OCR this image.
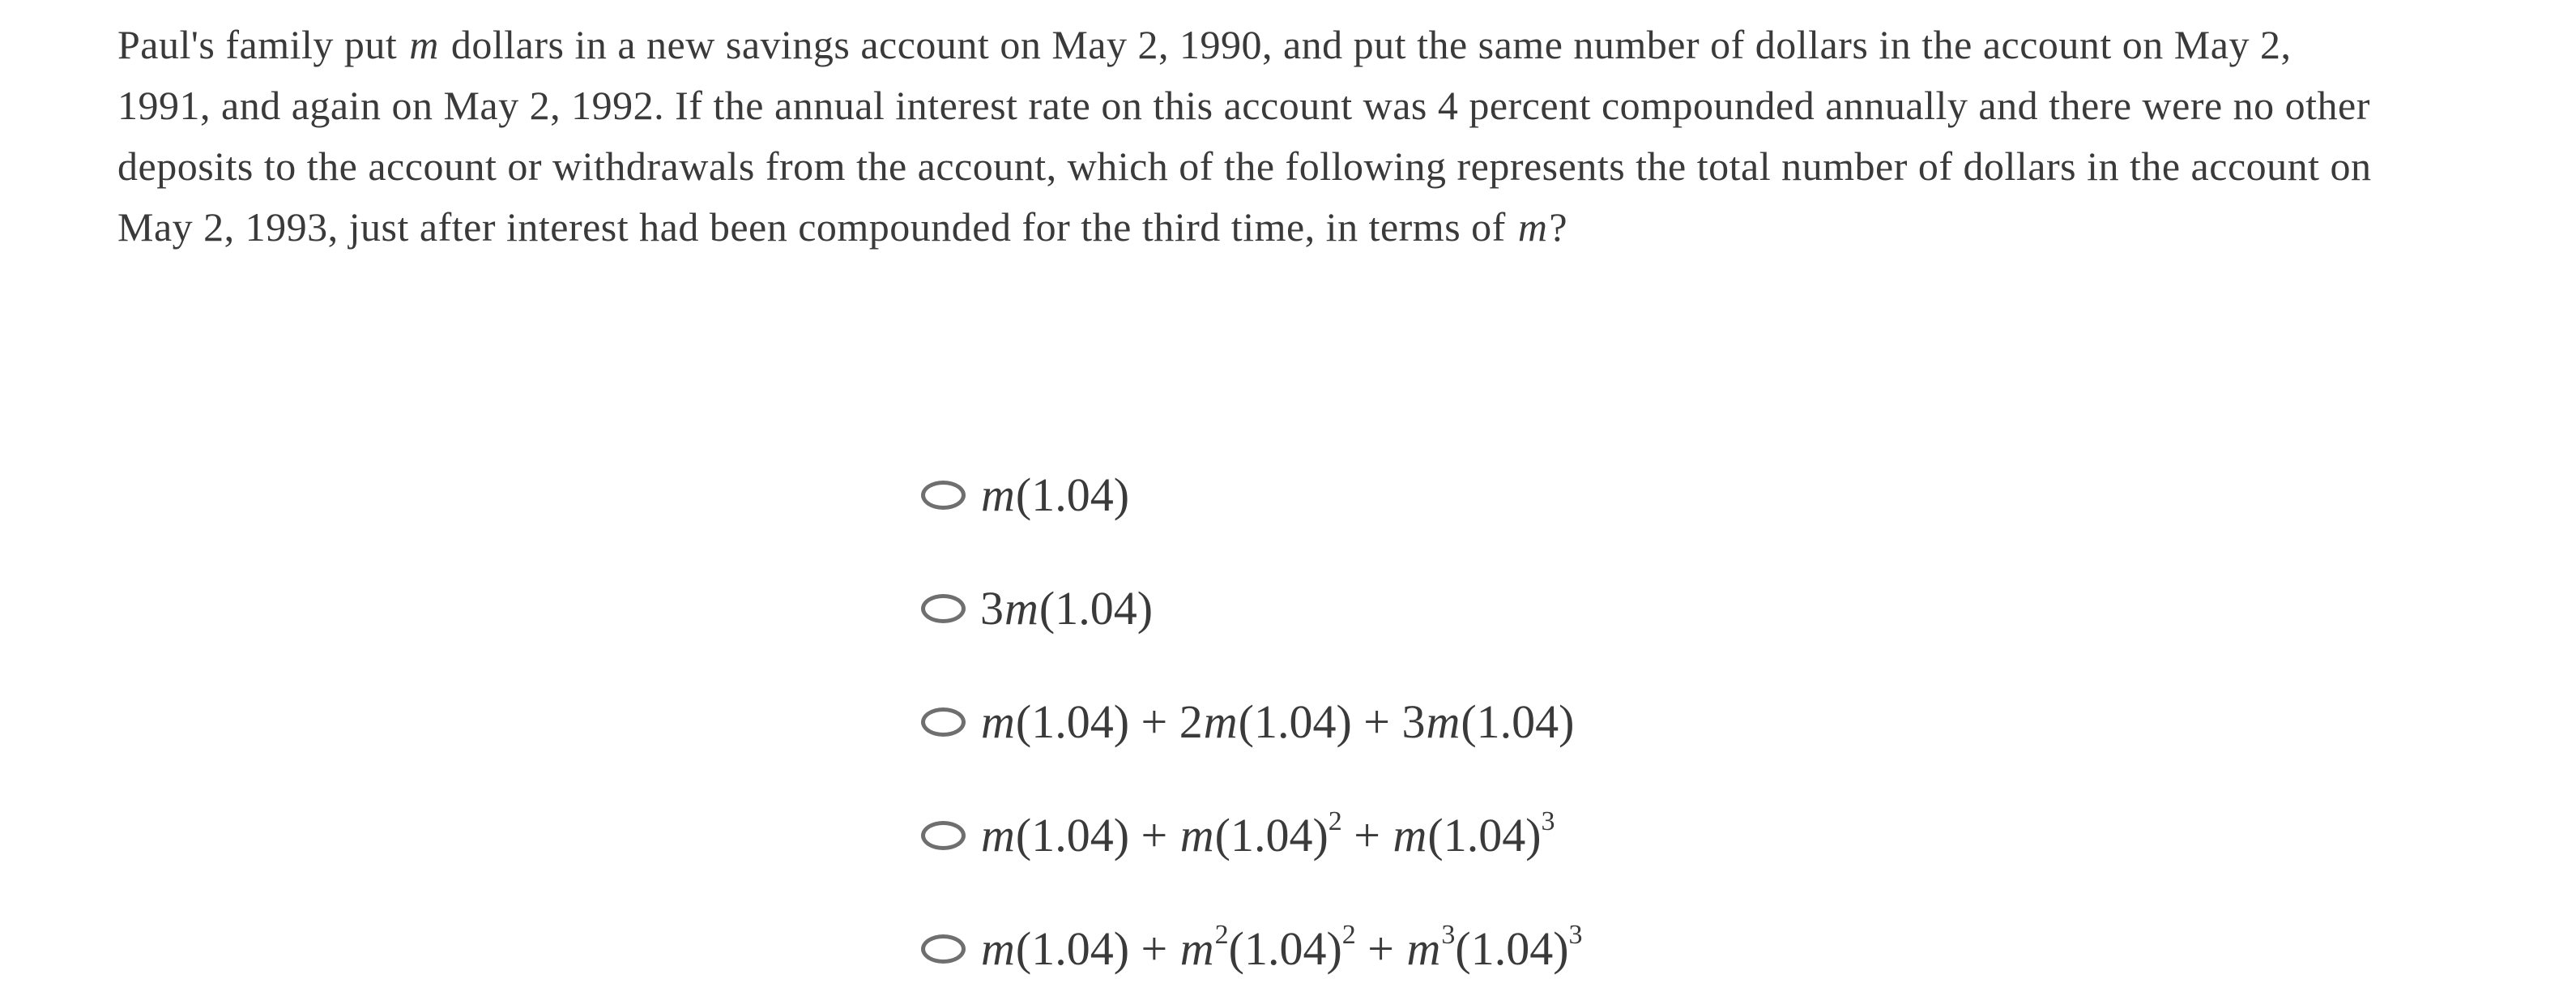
Paul's family put m dollars in a new savings account on May 2, 1990, and put the same number of dollars in the account on May 2,
1991, and again on May 2, 1992. If the annual interest rate on this account was 4 percent compounded annually and there were no other
deposits to the account or withdrawals from the account, which of the following represents the total number of dollars in the account on
May 2, 1993, just after interest had been compounded for the third time, in terms of m?
m(1.04)
3m(1.04)
m(1.04) + 2m(1.04) + 3m(1.04)
$m(1.04) + m(1.04)^2 + m(1.04)^3$
$m(1.04) + m^2(1.04)^2 + m^3(1.04)^3$
